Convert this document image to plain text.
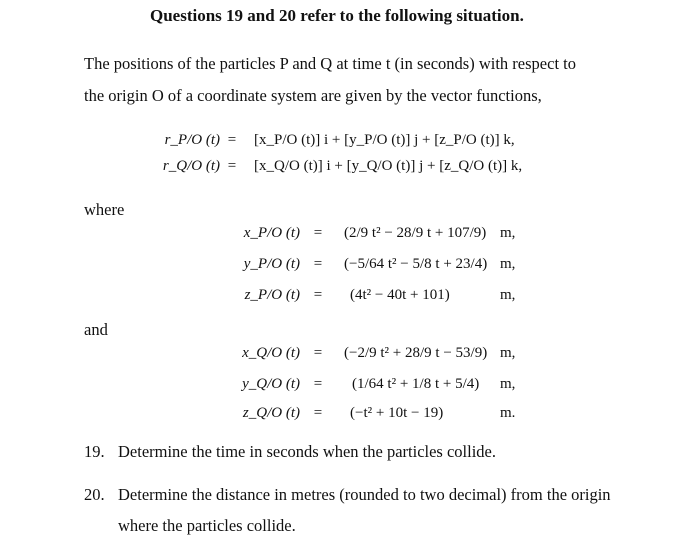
Questions 19 and 20 refer to the following situation.
The positions of the particles P and Q at time t (in seconds) with respect to
the origin O of a coordinate system are given by the vector functions,
r_P/O (t) =	[x_P/O (t)] i + [y_P/O (t)] j + [z_P/O (t)] k,
r_Q/O (t) =	[x_Q/O (t)] i + [y_Q/O (t)] j + [z_Q/O (t)] k,
where
x_P/O (t) =	(2/9 t² − 28/9 t + 107/9) m,
y_P/O (t) =	(−5/64 t² − 5/8 t + 23/4) m,
z_P/O (t) =	(4t² − 40t + 101)	m,
and
x_Q/O (t) =	(−2/9 t² + 28/9 t − 53/9) m,
y_Q/O (t) =	(1/64 t² + 1/8 t + 5/4) m,
z_Q/O (t) =	(−t² + 10t − 19)	m.
19. Determine the time in seconds when the particles collide.
20. Determine the distance in metres (rounded to two decimal) from the origin
where the particles collide.
